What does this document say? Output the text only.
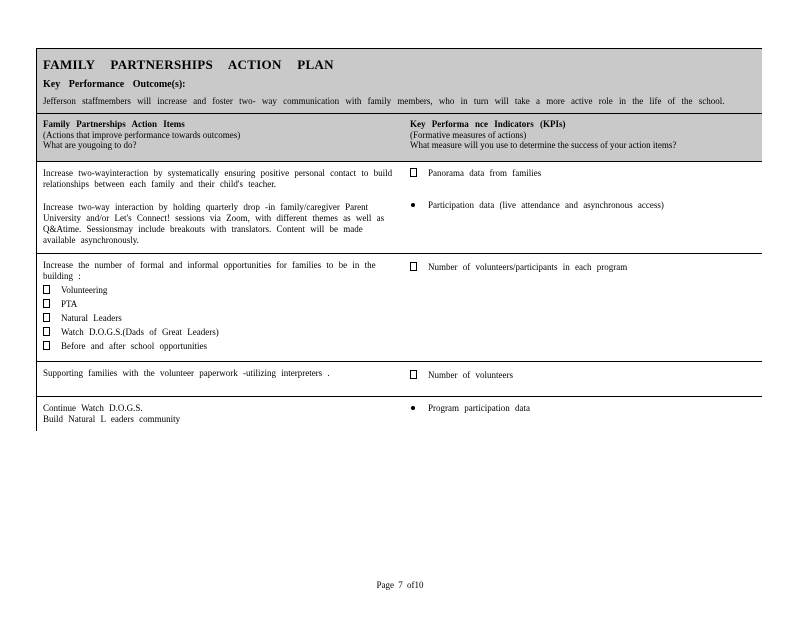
FAMILY PARTNERSHIPS ACTION PLAN
Key Performance Outcome(s):
Jefferson staffmembers will increase and foster two- way communication with family members, who in turn will take a more active role in the life of the school.
Family Partnerships Action Items
(Actions that improve performance towards outcomes)
What are yougoing to do?
Key Performa nce Indicators (KPIs)
(Formative measures of actions)
What measure will you use to determine the success of your action items?
Increase two-wayinteraction by systematically ensuring positive personal contact to build relationships between each family and their child's teacher.
Increase two-way interaction by holding quarterly drop -in family/caregiver Parent University and/or Let's Connect! sessions via Zoom, with different themes as well as Q&Atime. Sessionsmay include breakouts with translators. Content will be made available asynchronously.
Panorama data from families
Participation data (live attendance and asynchronous access)
Increase the number of formal and informal opportunities for families to be in the building :
Volunteering
PTA
Natural Leaders
Watch D.O.G.S.(Dads of Great Leaders)
Before and after school opportunities
Number of volunteers/participants in each program
Supporting families with the volunteer paperwork -utilizing interpreters .	Number of volunteers
Continue Watch D.O.G.S.
Build Natural L eaders community
Program participation data
Page 7 of10
